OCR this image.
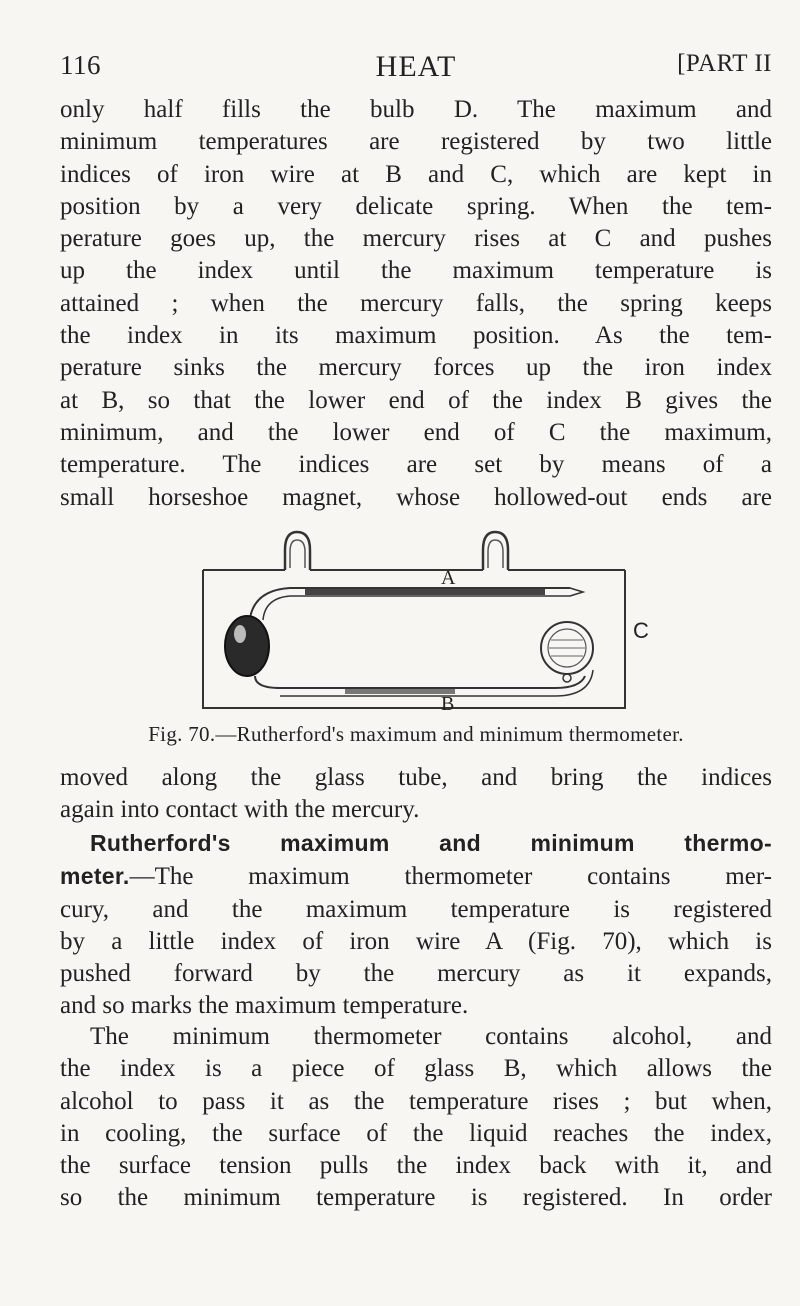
116	HEAT	[PART II
only half fills the bulb D. The maximum and
minimum temperatures are registered by two little
indices of iron wire at B and C, which are kept in
position by a very delicate spring. When the tem-
perature goes up, the mercury rises at C and pushes
up the index until the maximum temperature is
attained ; when the mercury falls, the spring keeps
the index in its maximum position. As the tem-
perature sinks the mercury forces up the iron index
at B, so that the lower end of the index B gives the
minimum, and the lower end of C the maximum,
temperature. The indices are set by means of a
small horseshoe magnet, whose hollowed-out ends are
A
B
C
Fig. 70.—Rutherford's maximum and minimum thermometer.
moved along the glass tube, and bring the indices
again into contact with the mercury.
Rutherford's maximum and minimum thermo-
meter.—The maximum thermometer contains mer-
cury, and the maximum temperature is registered
by a little index of iron wire A (Fig. 70), which is
pushed forward by the mercury as it expands,
and so marks the maximum temperature.
The minimum thermometer contains alcohol, and
the index is a piece of glass B, which allows the
alcohol to pass it as the temperature rises ; but when,
in cooling, the surface of the liquid reaches the index,
the surface tension pulls the index back with it, and
so the minimum temperature is registered. In order
